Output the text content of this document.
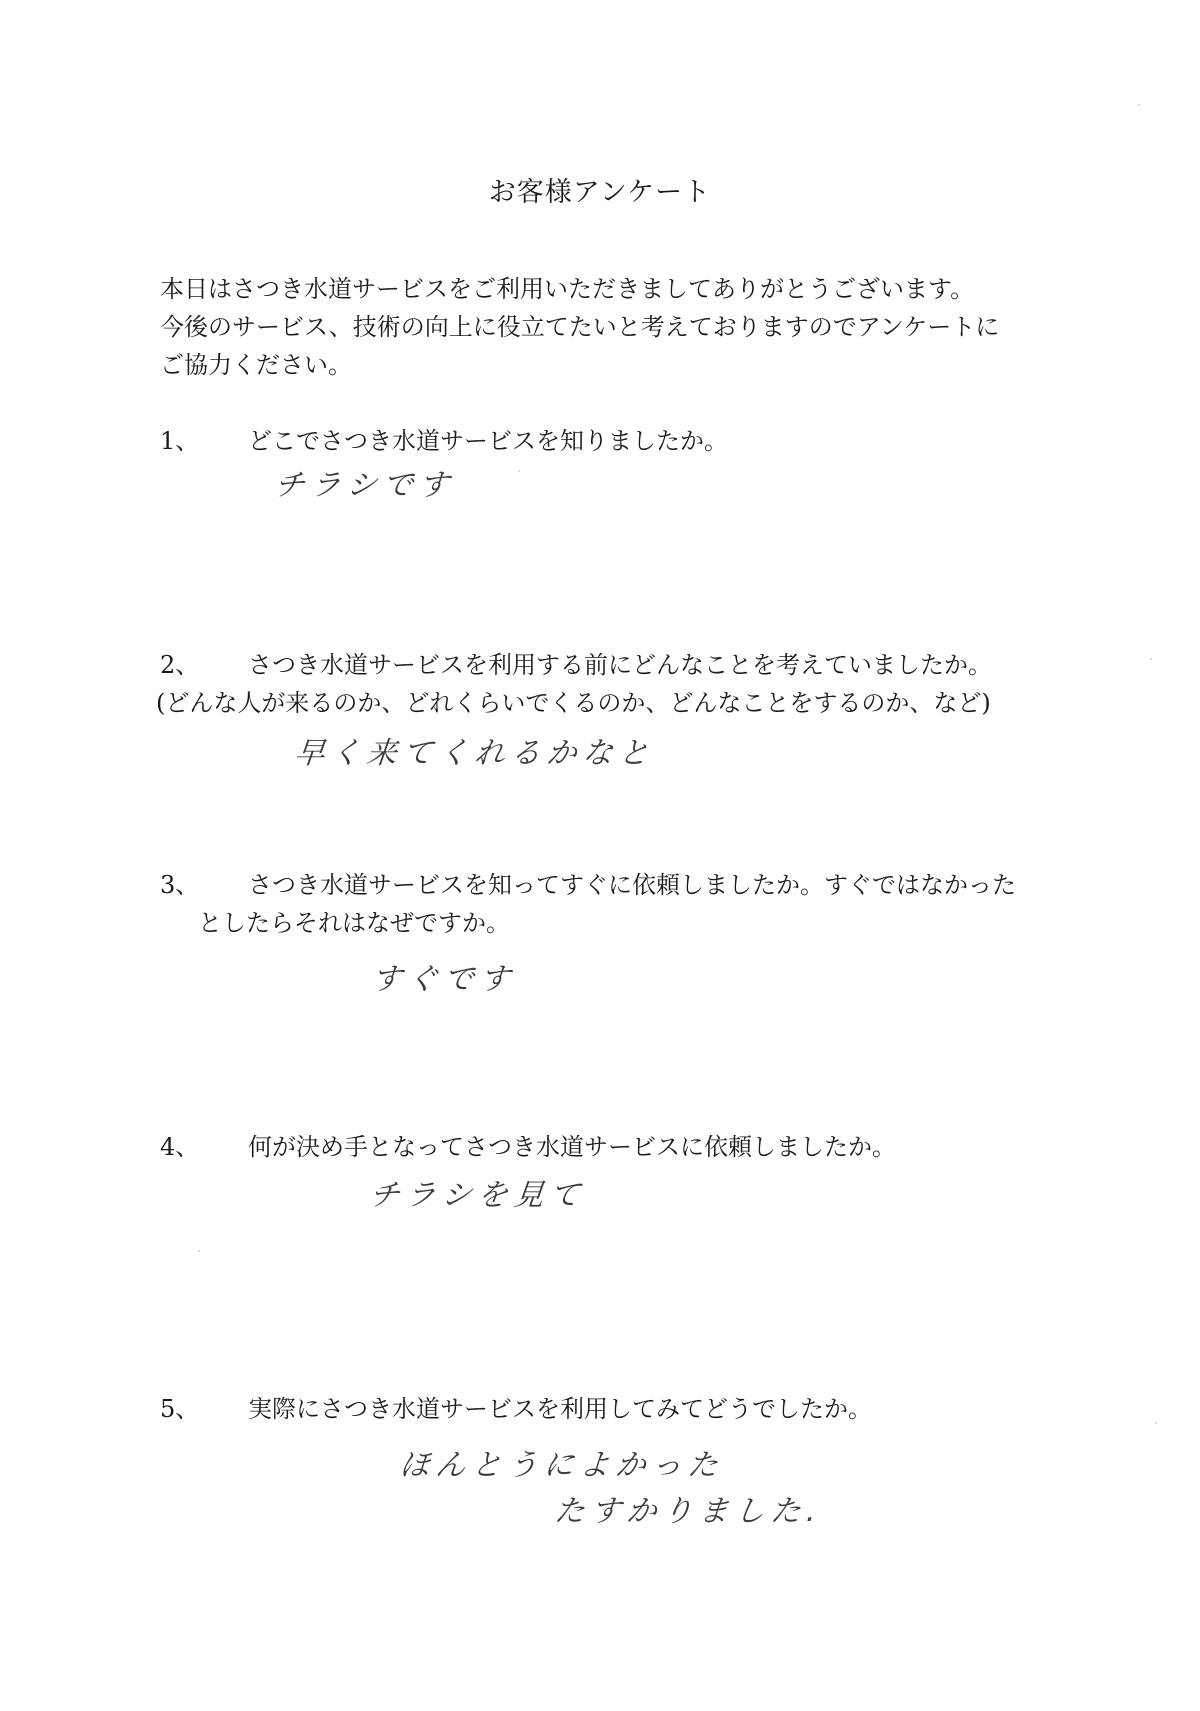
お客様アンケート

本日はさつき水道サービスをご利用いただきましてありがとうございます。

今後のサービス、技術の向上に役立てたいと考えておりますのでアンケートに

ご協力ください。

1、	どこでさつき水道サービスを知りましたか。
チラシです
2、	さつき水道サービスを利用する前にどんなことを考えていましたか。
(どんな人が来るのか、どれくらいでくるのか、どんなことをするのか、など)
早く来てくれるかなと
3、	さつき水道サービスを知ってすぐに依頼しましたか。すぐではなかった
としたらそれはなぜですか。
すぐです
4、	何が決め手となってさつき水道サービスに依頼しましたか。
チラシを見て
5、	実際にさつき水道サービスを利用してみてどうでしたか。
ほんとうによかった
たすかりました.
